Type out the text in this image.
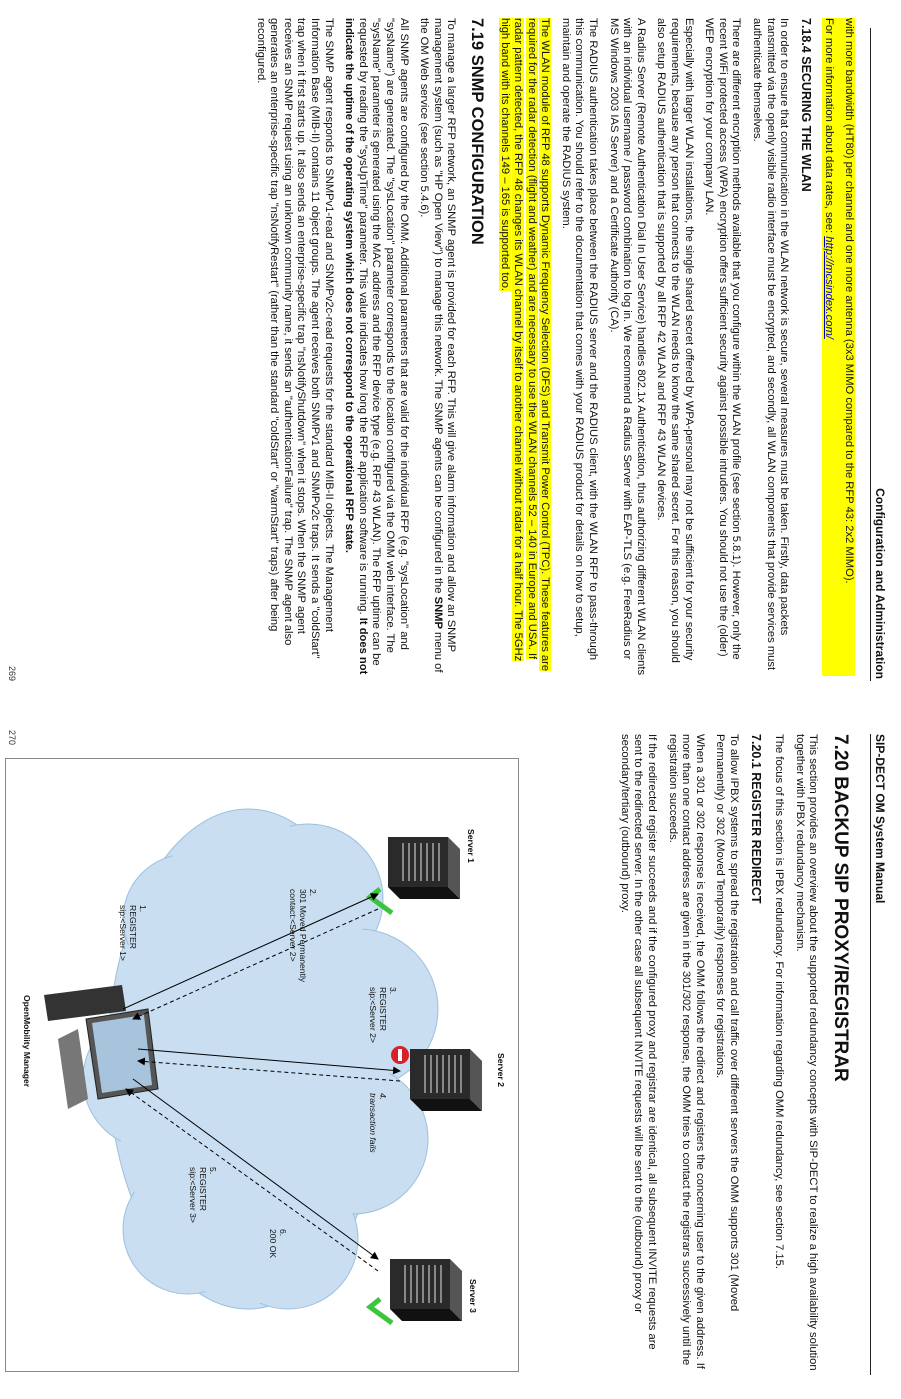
Configuration and Administration

with more bandwidth (HT80) per channel and one more antenna (3x3 MIMO compared to the RFP 43: 2x2 MIMO).

For more information about data rates, see: http://mcsindex.com/

7.18.4 SECURING THE WLAN

In order to ensure that communication in the WLAN network is secure, several measures must be taken. Firstly, data packets transmitted via the openly visible radio interface must be encrypted, and secondly, all WLAN components that provide services must authenticate themselves.

There are different encryption methods available that you configure within the WLAN profile (see section 5.8.1). However, only the recent WiFi protected access (WPA) encryption offers sufficient security against possible intruders. You should not use the (older) WEP encryption for your company LAN.

Especially with larger WLAN installations, the single shared secret offered by WPA-personal may not be sufficient for your security requirements, because any person that connects to the WLAN needs to know the same shared secret. For this reason, you should also setup RADIUS authentication that is supported by all RFP 42 WLAN and RFP 43 WLAN devices.

A Radius Server (Remote Authentication Dial In User Service) handles 802.1x Authentication, thus authorizing different WLAN clients with an individual username / password combination to log in. We recommend a Radius Server with EAP-TLS (e.g. FreeRadius or MS Windows 2003 IAS Server) and a Certificate Authority (CA).

The RADIUS authentication takes place between the RADIUS server and the RADIUS client, with the WLAN RFP to pass-through this communication. You should refer to the documentation that comes with your RADIUS product for details on how to setup, maintain and operate the RADIUS system.

The WLAN module of RFP 48 supports Dynamic Frequency Selection (DFS) and Transmit Power Control (TPC). These features are required for the radar detection (flight and weather) and are necessary to use the WLAN channels 52 – 140 in Europe and USA. If radar pattern detected, the RFP 48 changes its WLAN channel by itself to another channel without radar for a half hour. The 5GHz high band with its channels 149 – 165 is supported too.

7.19 SNMP CONFIGURATION

To manage a larger RFP network, an SNMP agent is provided for each RFP. This will give alarm information and allow an SNMP management system (such as "HP Open View") to manage this network. The SNMP agents can be configured in the SNMP menu of the OM Web service (see section 5.4.6).

All SNMP agents are configured by the OMM. Additional parameters that are valid for the individual RFP (e.g. "sysLocation" and "sysName") are generated. The "sysLocation" parameter corresponds to the location configured via the OMM web interface. The "sysName" parameter is generated using the MAC address and the RFP device type (e.g. RFP 43 WLAN). The RFP uptime can be requested by reading the "sysUpTime" parameter. This value indicates how long the RFP application software is running. It does not indicate the uptime of the operating system which does not correspond to the operational RFP state.

The SNMP agent responds to SNMPv1-read and SNMPv2c-read requests for the standard MIB-II objects. The Management Information Base (MIB-II) contains 11 object groups. The agent receives both SNMPv1 and SNMPv2c traps. It sends a "coldStart" trap when it first starts up. It also sends an enterprise-specific trap "nsNotifyShutdown" when it stops. When the SNMP agent receives an SNMP request using an unknown community name, it sends an "authenticationFailure" trap. The SNMP agent also generates an enterprise-specific trap "nsNotifyRestart" (rather than the standard "coldStart" or "warmStart" traps) after being reconfigured.

269
SIP-DECT OM System Manual
7.20 BACKUP SIP PROXY/REGISTRAR

This section provides an overview about the supported redundancy concepts with SIP-DECT to realize a high availability solution together with IPBX redundancy mechanism.

The focus of this section is IPBX redundancy. For information regarding OMM redundancy, see section 7.15.

7.20.1 REGISTER REDIRECT

To allow IPBX systems to spread the registration and call traffic over different servers the OMM supports 301 (Moved Permanently) or 302 (Moved Temporarily) responses for registrations.

When a 301 or 302 response is received, the OMM follows the redirect and registers the concerning user to the given address. If more than one contact address are given in the 301/302 response, the OMM tries to contact the registrars successively until the registration succeeds.

If the redirected register succeeds and if the configured proxy and registrar are identical, all subsequent INVITE requests are sent to the redirected server. In the other case all subsequent INVITE requests will be sent to the (outbound) proxy or secondary/tertiary (outbound) proxy.

Server 1
Server 2
Server 3
OpenMobility Manager
1.
REGISTER
sip:<Server 1>
2.
301 Moved Permanently
contact:<Server 2>
3.
REGISTER
sip:<Server 2>
4.
transaction fails
5.
REGISTER
sip:<Server 3>
6.
200 OK
270
